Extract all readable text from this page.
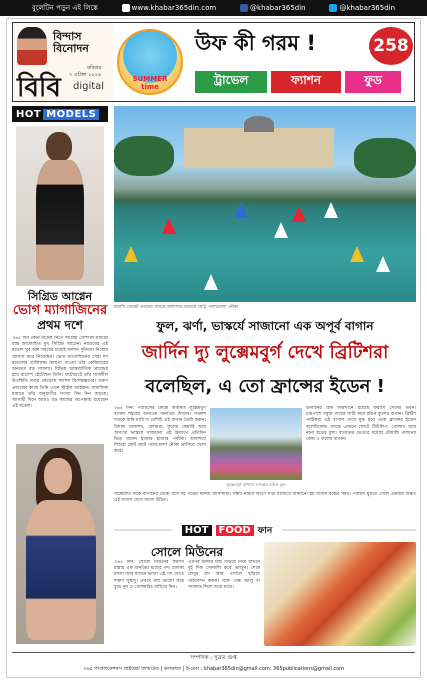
বুলেটিন পড়ুন এই লিঙ্কে	www.khabar365din.com	@khabar365din	@khabar365din
বিন্দাস
বিনোদন
রবিবার
৭ এপ্রিল ২০২৪
বিবি digital
SUMMER time
উফ কী গরম !	258
ট্রাভেল	ফ্যাশন	ফুড
HOT MODELS
সিগ্রিড আগ্নেন
ভোগ ম্যাগাজিনের
প্রথম দশে
৩৬৫ দিন কোন মডেল নিতে আগ্রহী সোশ্যাল মাধ্যমে ব্যস্ত আলোচিত মুখ সিগ্রিড আগ্নেন। নরওয়ের এই মডেল খুব অল্প সময়ের মধ্যেই ফ্যাশন দুনিয়ায় নিজের জায়গা করে নিয়েছেন। ভোগ ম্যাগাজিনের সেরা দশ মডেলের তালিকায় জায়গা পাওয়া তাঁর কেরিয়ারের অন্যতম বড় সাফল্য। বিভিন্ন আন্তর্জাতিক ব্র্যান্ডের হয়ে র‍্যাম্পে হেঁটেছেন তিনি। ফটোশুটে তাঁর সাবলীল উপস্থিতি নজর কেড়েছে ফ্যাশন বিশেষজ্ঞদের। তরুণ প্রজন্মের কাছে তিনি এখন স্টাইল আইকন। সামাজিক মাধ্যমে তাঁর অনুরাগীর সংখ্যা দিন দিন বাড়ছে। আগামী দিনে আরও বড় কাজের অপেক্ষায় রয়েছেন এই মডেল।
ফরাসি সেনেট ভবনের সামনে জলাশয়ে ভাসছে ছোট্ট পালতোলা নৌকা
ফুল, ঝর্ণা, ভাস্কর্যে সাজানো এক অপূর্ব বাগান
জার্দিন দ্যু লুক্সেমবুর্গ দেখে ব্রিটিশরা
বলেছিল, এ তো ফ্রান্সের ইডেন !
৩৬৫ দিন: প্যারিসের কেন্দ্রে অবস্থিত লুক্সেমবুর্গ বাগান শহরের অন্যতম জনপ্রিয় উদ্যান। সপ্তদশ শতকে রানি মারি দ্য মেদিচি এই বাগান তৈরি করান। বিশাল জলাশয়, ফোয়ারা, ফুলের কেয়ারি আর অসংখ্য ভাস্কর্যে সাজানো এই উদ্যানে প্রতিদিন ভিড় জমান হাজার হাজার পর্যটক। জলাশয়ে শিশুরা ছোট ছোট পালতোলা নৌকা ভাসিয়ে খেলা করে।
লুক্সেমবুর্গ বাগানে বসন্তের রঙিন ফুল
উদ্যানের ঠিক মাঝখানে রয়েছে ফরাসি সেনেট ভবন। চারপাশে সবুজ গাছের সারি আর রঙিন ফুলের বাগান। ব্রিটিশ পর্যটকরা এই বাগান দেখে মুগ্ধ হয়ে একে ফ্রান্সের ইডেন বলেছিলেন। বসন্তে এখানে ফোটে টিউলিপ, গোলাপ আর নানা রঙের ফুল। বাগানের ভেতরে রয়েছে মৌমাছি পালনের কেন্দ্র ও ফলের বাগান।
বিকেলের দিকে বাগানের বেঞ্চে বসে বই পড়েন স্থানীয় বাসিন্দারা। সন্ধ্যা নামার আগে ঘণ্টা বাজিয়ে জানানো হয় বাগান বন্ধের সময়। প্যারিস ঘুরতে গেলে একবার অন্তত এই বাগান দেখে আসা উচিত।
HOT	FOOD ফান
সোলে মিউনের
৩৬৫ দিন: সোলে মিউনের ফরাসি রান্নার এক জনপ্রিয় মাছের পদ। হালকা মশলা আর মাখনে ভাজা এই পদ খেতে দারুণ সুস্বাদু। প্রথমে মাছ ভালো করে ধুয়ে নুন ও গোলমরিচ মাখিয়ে নিন।
এরপর ময়দায় মাছ গড়িয়ে নিয়ে মাখনে দুই দিক সোনালি করে ভাজুন। শেষে লেবুর রস আর পার্সলে ছড়িয়ে পরিবেশন করুন। সঙ্গে সেদ্ধ আলু বা স্যালাড দিলে জমে যাবে।
সম্পাদক : সুব্রত গুপ্ত
৩৬৫ পাবলিকেশনস প্রাইভেট লিমিটেড | কলকাতা | ই-মেল : khabar365din@gmail.com; 365publications@gmail.com
